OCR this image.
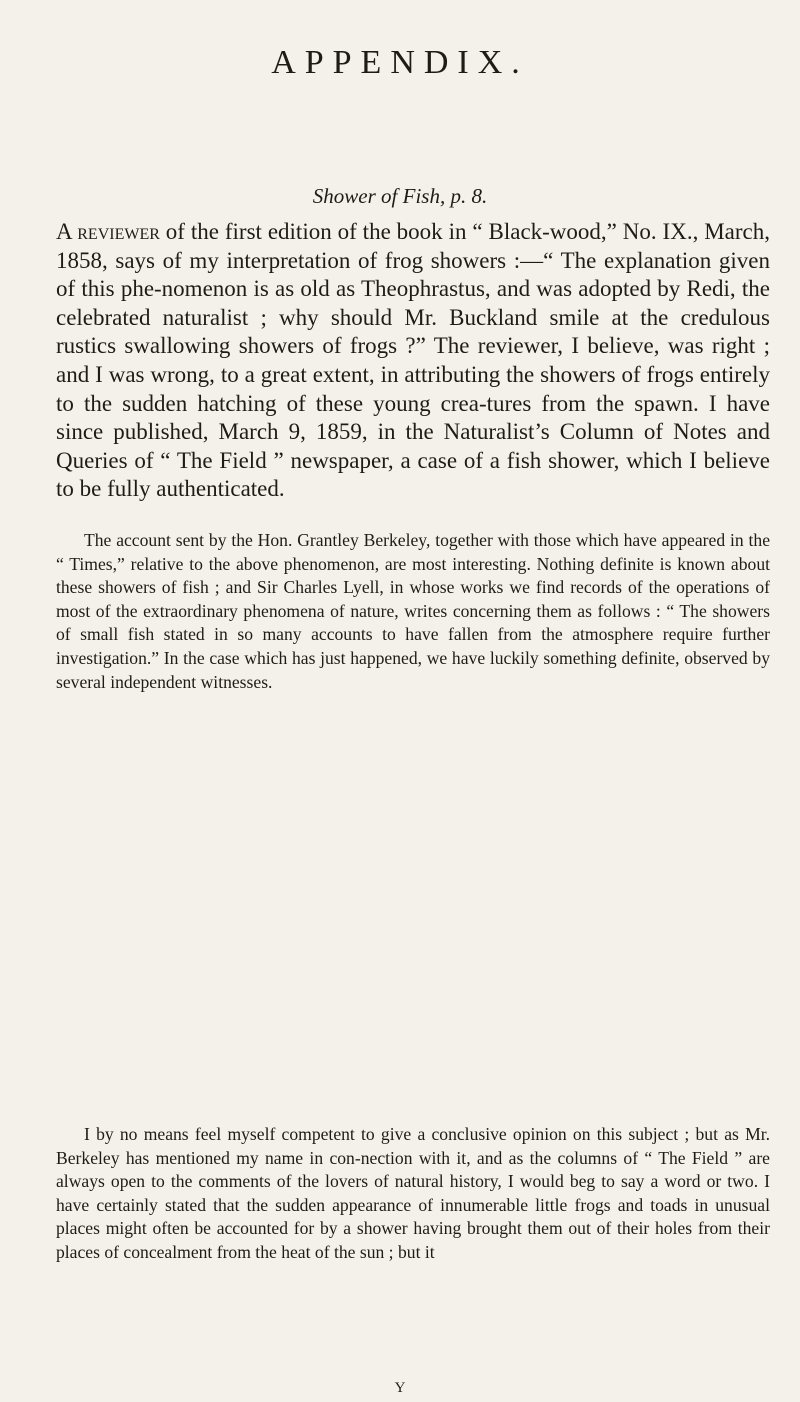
APPENDIX.

Shower of Fish, p. 8.

A reviewer of the first edition of the book in “ Black-wood,” No. IX., March, 1858, says of my interpretation of frog showers :—“ The explanation given of this phe-nomenon is as old as Theophrastus, and was adopted by Redi, the celebrated naturalist ; why should Mr. Buckland smile at the credulous rustics swallowing showers of frogs ?” The reviewer, I believe, was right ; and I was wrong, to a great extent, in attributing the showers of frogs entirely to the sudden hatching of these young crea-tures from the spawn. I have since published, March 9, 1859, in the Naturalist’s Column of Notes and Queries of “ The Field ” newspaper, a case of a fish shower, which I believe to be fully authenticated.

The account sent by the Hon. Grantley Berkeley, together with those which have appeared in the “ Times,” relative to the above phenomenon, are most interesting. Nothing definite is known about these showers of fish ; and Sir Charles Lyell, in whose works we find records of the operations of most of the extraordinary phenomena of nature, writes concerning them as follows : “ The showers of small fish stated in so many accounts to have fallen from the atmosphere require further investigation.” In the case which has just happened, we have luckily something definite, observed by several independent witnesses.

I by no means feel myself competent to give a conclusive opinion on this subject ; but as Mr. Berkeley has mentioned my name in con-nection with it, and as the columns of “ The Field ” are always open to the comments of the lovers of natural history, I would beg to say a word or two. I have certainly stated that the sudden appearance of innumerable little frogs and toads in unusual places might often be accounted for by a shower having brought them out of their holes from their places of concealment from the heat of the sun ; but it

Y
